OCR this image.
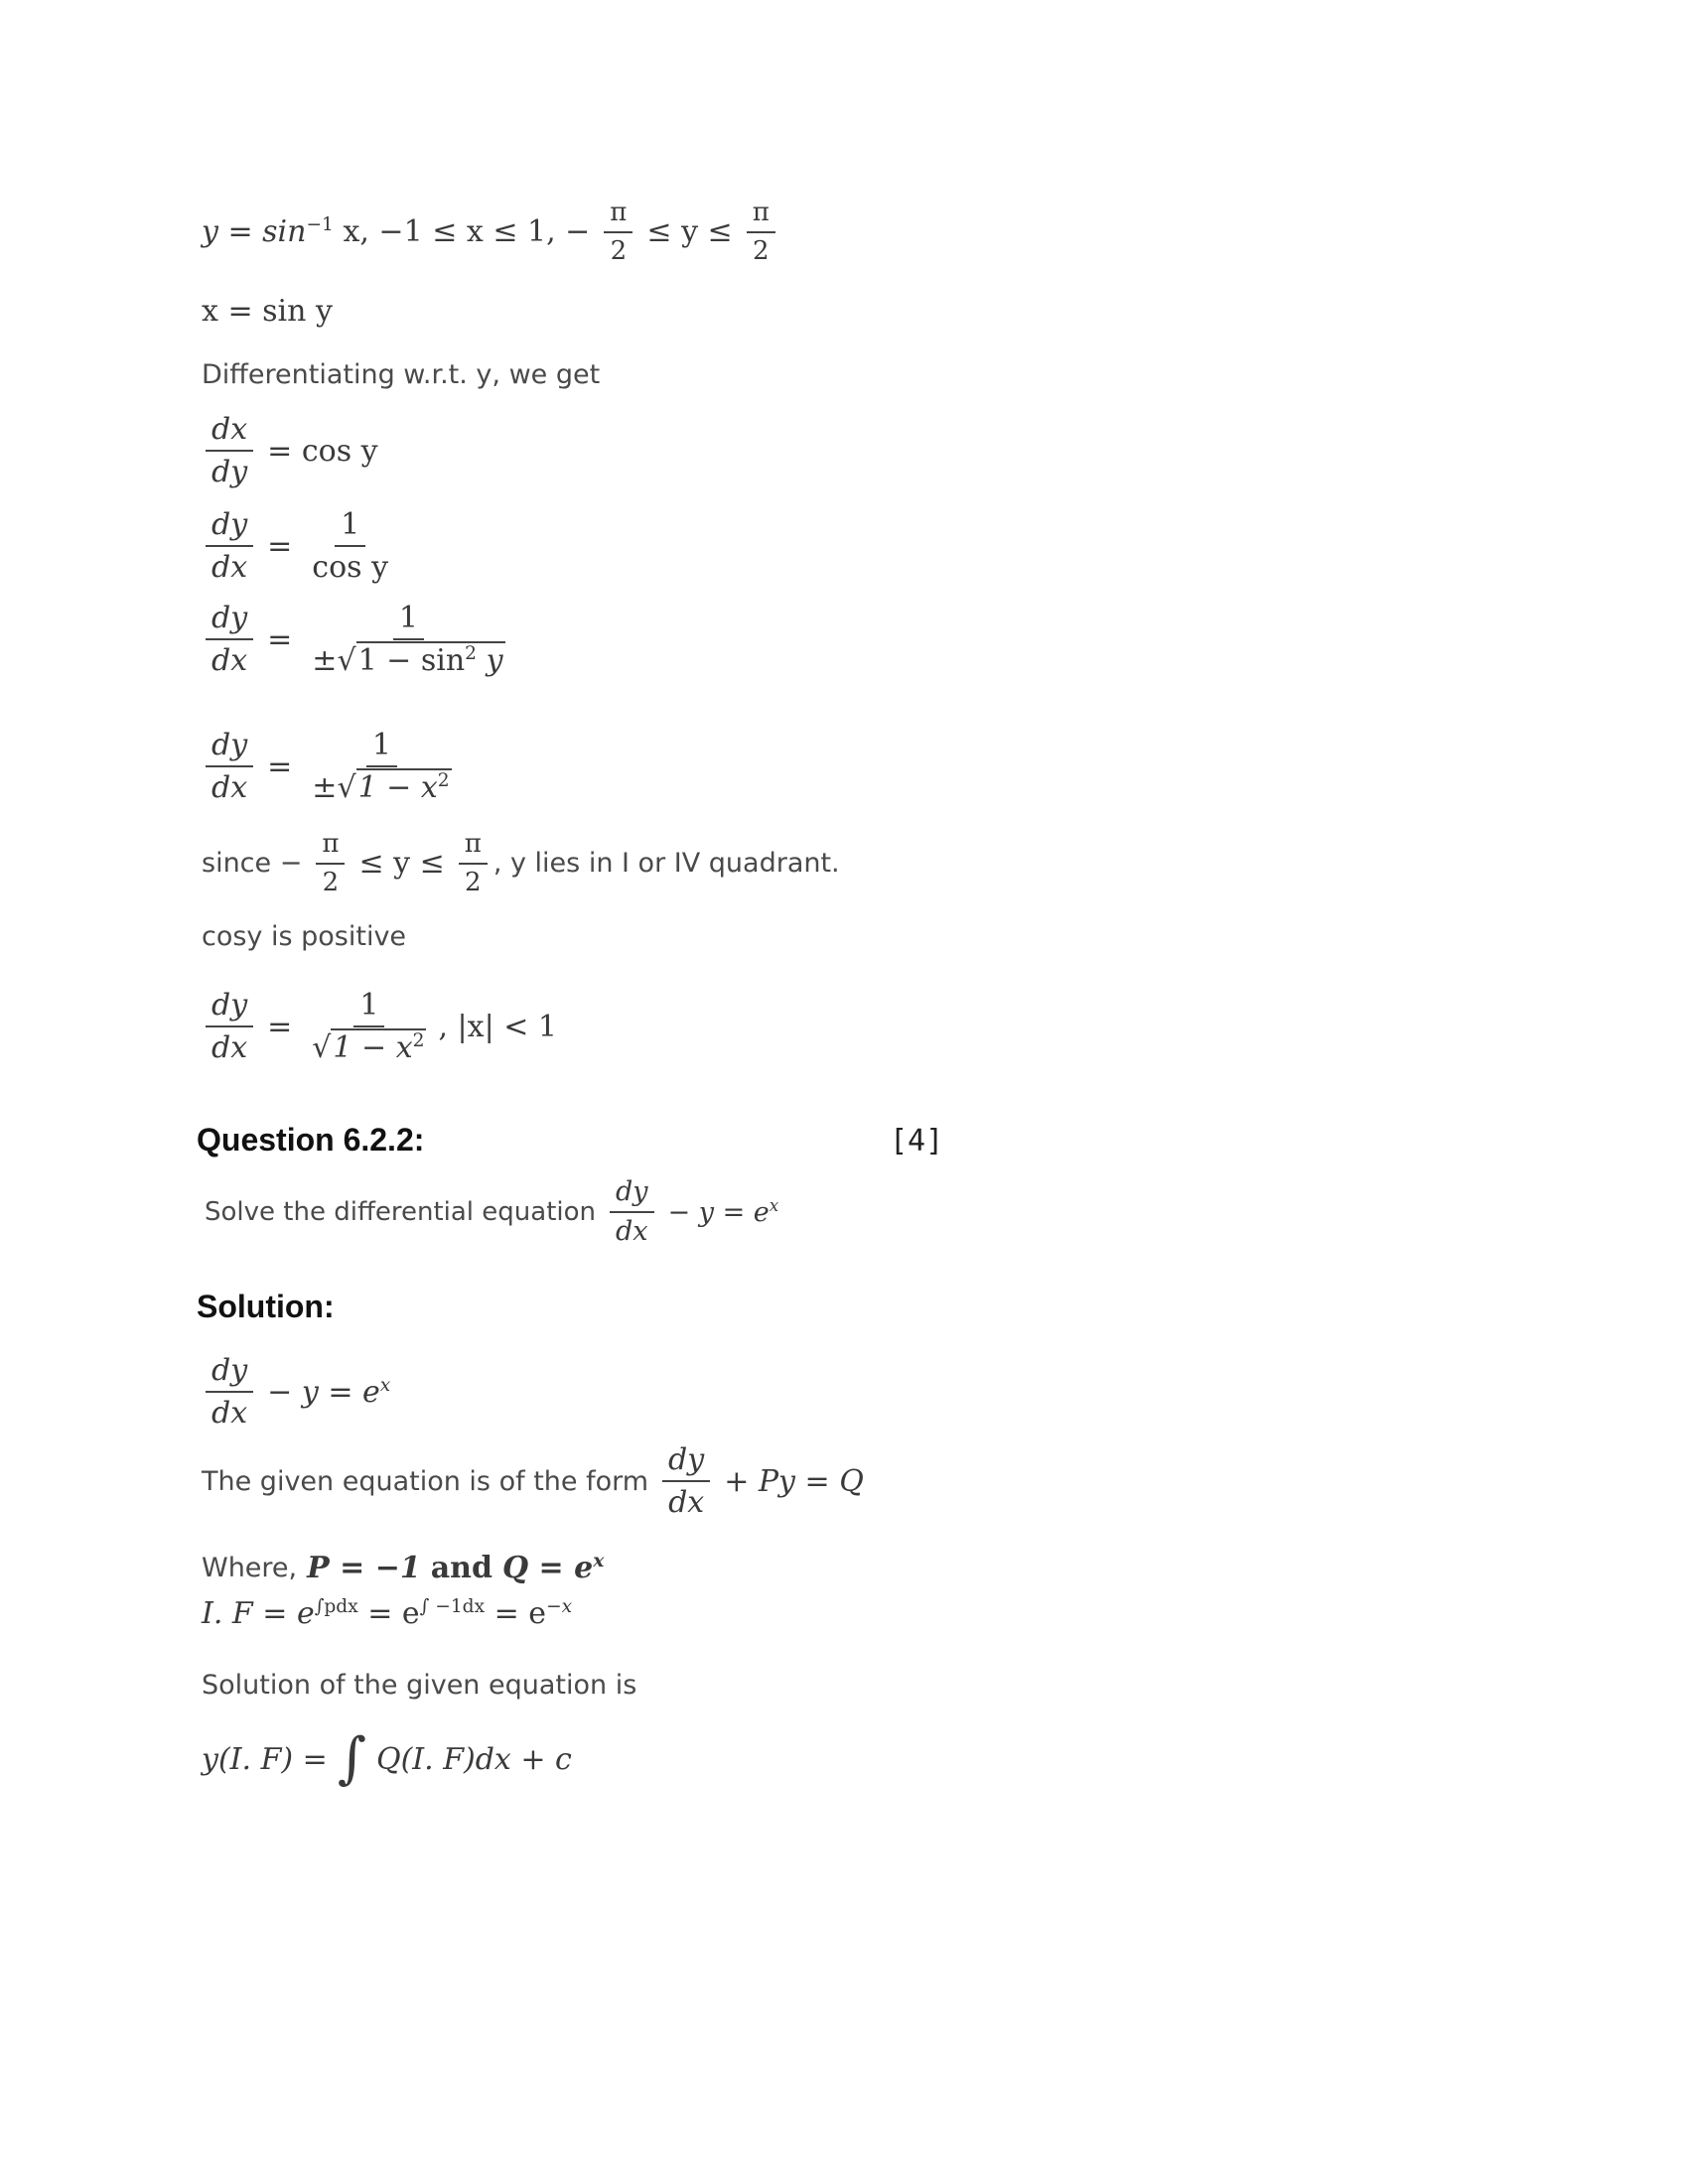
$y = \sin^{-1} x$, −1 ≤ x ≤ 1, − $\frac{\pi}{2} \le y \le \frac{\pi}{2}$
x = sin y
Differentiating w.r.t. y, we get
$\frac{dx}{dy} = \cos y$
$\frac{dy}{dx} = \frac{1}{\text{cos y}}$
$\frac{dy}{dx} = \frac{1}{\pm√1 - \sin^2 y}$
$\frac{dy}{dx} = \frac{1}{\pm√1 - x^2}$
since − $\frac{\pi}{2} \le y \le \frac{\pi}{2}$ , y lies in I or IV quadrant.
cosy is positive
$\frac{dy}{dx} = \frac{1}{√1 - x^2}$ , |x| < 1
Question 6.2.2:	[4]
Solve the differential equation $\frac{dy}{dx} - y = e^x$
Solution:
$\frac{dy}{dx} - y = e^x$
The given equation is of the form $\frac{dy}{dx} + Py = Q$
Where, P = −1 and $Q = e^x$
I. $F = e^{\int pdx} = e^{\int -1dx} = e^{-x}$
Solution of the given equation is
y(I. F) = ∫ Q(I. F)dx + c
